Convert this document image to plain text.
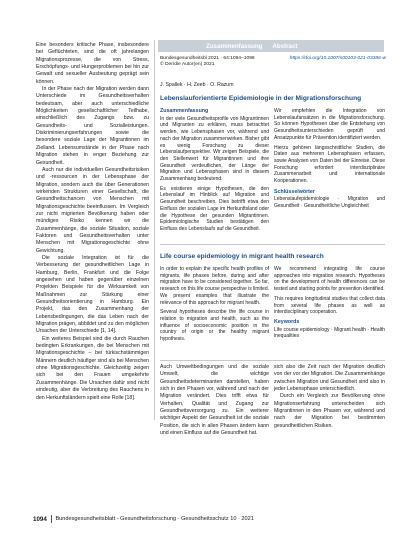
Eine besonders kritische Phase, insbesondere bei Geflüchteten, sind die oft jahrelangen Migrationsprozesse, die von Stress, Erschöpfungs- und Hungerproblemen bei hin zur Gewalt und sexueller Ausbeutung geprägt sein können.

In der Phase nach der Migration werden dann Unterschiede im Gesundheitsverhalten bedeutsam, aber auch unterschiedliche Möglichkeiten gesellschaftlicher Teilhabe, einschließlich des Zugangs bzw. zu Gesundheits- und Sozialleistungen. Diskriminierungserfahrungen sowie die besondere soziale Lage der Migrantinnen im Zielland. Lebensumstände in der Phase nach Migration stehen in enger Beziehung zur Gesundheit.

Auch nur die individuellen Gesundheitsrisiken und -ressourcen in der Lebensphase der Migration, sondern auch die über Generationen wirkenden Strukturen einer Gesellschaft, die Gesundheitschancen von Menschen mit Migrationsgeschichte beeinflussen. Im Vergleich zur nicht migrierten Bevölkerung haben oder mündiges Risiko kennen wir die Zusammenhänge, die soziale Situation, soziale Faktoren und Gesundheitsverhalten unter Menschen mit Migrationsgeschichte ohne Gewichtung.

Die soziale Integration ist für die Verbesserung der gesundheitlichen Lage in Hamburg, Berlin, Frankfurt und die Folge angesehen und haben gegenüber einzelnen Projekten Beispiele für die Wirksamkeit von Maßnahmen zur Stärkung einer Gesundheitsorientierung in Hamburg. Ein Projekt, das den Zusammenhang der Lebensbedingungen, die das Leben nach der Migration prägen, abbildet und zu den möglichen Ursachen der Unterschiede [1, 14].

Ein weiteres Beispiel sind die durch Rauchen bedingten Erkrankungen, die bei Menschen mit Migrationsgeschichte – bei türkischstämmigen Männern deutlich häufiger sind als bei Menschen ohne Migrationsgeschichte. Gleichzeitig zeigen sich bei den Frauen umgekehrte Zusammenhänge. Die Ursachen dafür sind nicht eindeutig, aber die Verbreitung des Rauchens in den Herkunftsländern spielt eine Rolle [18].

Zusammenfassung Abstract
Bundesgesundheitsbl 2021 · 64:1094–1098	https://doi.org/10.1007/s00103-021-03386-w
© Der/die Autor(en) 2021
J. Spallek · H. Zeeb · O. Razum
Lebenslauforientierte Epidemiologie in der Migrationsforschung
Zusammenfassung

In der viele Gesundheitsprofile von Migrantinnen und Migranten zu erklären, muss betrachtet werden, wie Lebensphasen vor, während und nach der Migration zusammenwirken. Bisher gibt es wenig Forschung zu dieser Lebenslaufperspektive. Wir zeigen Beispiele, die den Stellenwert für Migrantinnen und ihre Gesundheit verdeutlichen, der Länge der Migration und Lebensphasen sind in diesem Zusammenhang bedeutend.

Es existieren einige Hypothesen, die den Lebenslauf im Hinblick auf Migration und Gesundheit beschreiben. Dies betrifft etwa den Einfluss der sozialen Lage im Herkunftsland oder die Hypothese der gesunden Migrantinnen. Epidemiologische Studien bestätigen den Einfluss des Lebenslaufs auf die Gesundheit.

Wir empfehlen die Integration von Lebenslaufansätzen in die Migrationsforschung. So können Hypothesen über die Entstehung von Gesundheitsunterschieden geprüft und Ansatzpunkte für Prävention identifiziert werden.

Hierzu gehören längsschnittliche Studien, die Daten aus mehreren Lebensphasen erfassen, sowie Analysen von Daten bei der Einreise. Diese Forschung erfordert interdisziplinäre Zusammenarbeit und internationale Kooperationen.

Schlüsselwörter

Lebenslaufepidemiologie · Migration und Gesundheit · Gesundheitliche Ungleichheit

Life course epidemiology in migrant health research

In order to explain the specific health profiles of migrants, life phases before, during and after migration have to be considered together. So far, research on this life course perspective is limited. We present examples that illustrate the relevance of this approach for migrant health.

Several hypotheses describe the life course in relation to migration and health, such as the influence of socioeconomic position in the country of origin or the healthy migrant hypothesis.

We recommend integrating life course approaches into migration research. Hypotheses on the development of health differences can be tested and starting points for prevention identified.

This requires longitudinal studies that collect data from several life phases as well as interdisciplinary cooperation.

Keywords

Life course epidemiology · Migrant health · Health inequalities

Auch Umweltbedingungen und die soziale Umwelt, die wichtige Gesundheitsdeterminanten darstellen, haben sich in den Phasen vor, während und nach der Migration verändert. Dies trifft etwa für Verhalten, Qualität und Zugang zur Gesundheitsversorgung zu. Ein weiterer wichtiger Aspekt der Gesundheit ist die soziale Position, die sich in allen Phasen ändern kann und einen Einfluss auf die Gesundheit hat.

sich also die Zeit nach der Migration deutlich von der vor der Migration. Die Zusammenhänge zwischen Migration und Gesundheit sind also in jeder Lebensphase unterschiedlich.

Durch ein Vergleich zur Bevölkerung ohne Migrationserfahrung unterscheiden sich Migrantinnen in den Phasen vor, während und nach der Migration bei bestimmten gesundheitlichen Risiken.

1094 Bundesgesundheitsblatt - Gesundheitsforschung - Gesundheitsschutz 10 · 2021
